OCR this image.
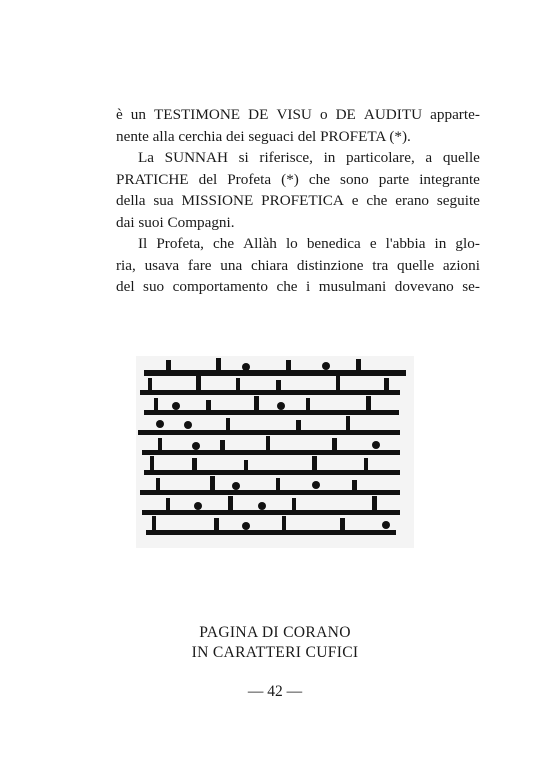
è un TESTIMONE DE VISU o DE AUDITU apparte-
nente alla cerchia dei seguaci del PROFETA (*).
La SUNNAH si riferisce, in particolare, a quelle
PRATICHE del Profeta (*) che sono parte integrante
della sua MISSIONE PROFETICA e che erano seguite
dai suoi Compagni.
Il Profeta, che Allàh lo benedica e l'abbia in glo-
ria, usava fare una chiara distinzione tra quelle azioni
del suo comportamento che i musulmani dovevano se-
PAGINA DI CORANO
IN CARATTERI CUFICI
— 42 —
